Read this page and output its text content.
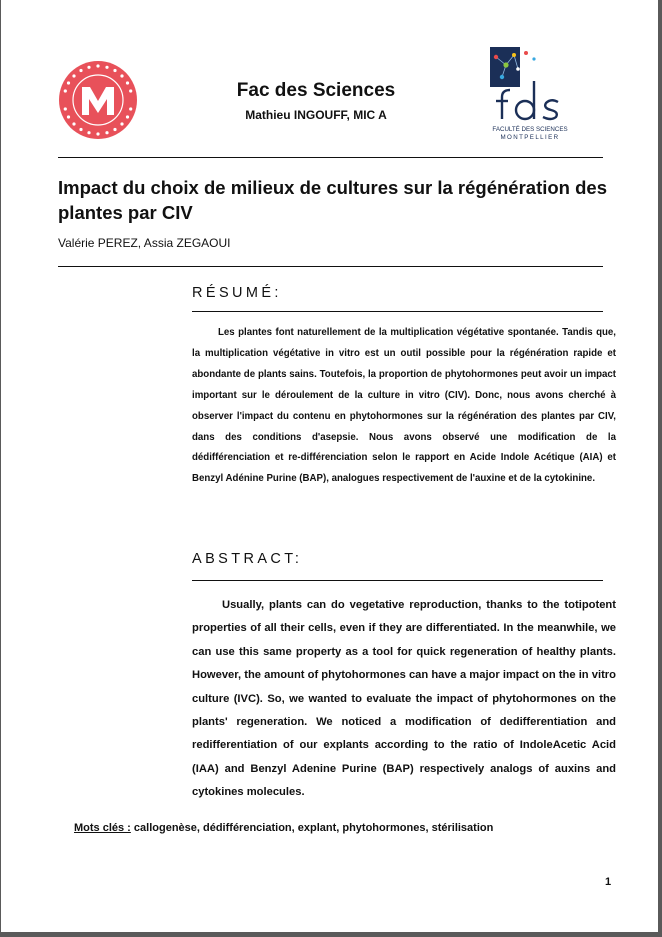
Fac des Sciences
Mathieu INGOUFF, MIC A
FACULTÉ DES SCIENCES
MONTPELLIER
Impact du choix de milieux de cultures sur la régénération des plantes par CIV
Valérie PEREZ, Assia ZEGAOUI
RÉSUMÉ:
Les plantes font naturellement de la multiplication végétative spontanée. Tandis que, la multiplication végétative in vitro est un outil possible pour la régénération rapide et abondante de plants sains. Toutefois, la proportion de phytohormones peut avoir un impact important sur le déroulement de la culture in vitro (CIV). Donc, nous avons cherché à observer l'impact du contenu en phytohormones sur la régénération des plantes par CIV, dans des conditions d'asepsie. Nous avons observé une modification de la dédifférenciation et re-différenciation selon le rapport en Acide Indole Acétique (AIA) et Benzyl Adénine Purine (BAP), analogues respectivement de l'auxine et de la cytokinine.
ABSTRACT:
Usually, plants can do vegetative reproduction, thanks to the totipotent properties of all their cells, even if they are differentiated. In the meanwhile, we can use this same property as a tool for quick regeneration of healthy plants. However, the amount of phytohormones can have a major impact on the in vitro culture (IVC). So, we wanted to evaluate the impact of phytohormones on the plants' regeneration. We noticed a modification of dedifferentiation and redifferentiation of our explants according to the ratio of IndoleAcetic Acid (IAA) and Benzyl Adenine Purine (BAP) respectively analogs of auxins and cytokines molecules.
Mots clés : callogenèse, dédifférenciation, explant, phytohormones, stérilisation
1
